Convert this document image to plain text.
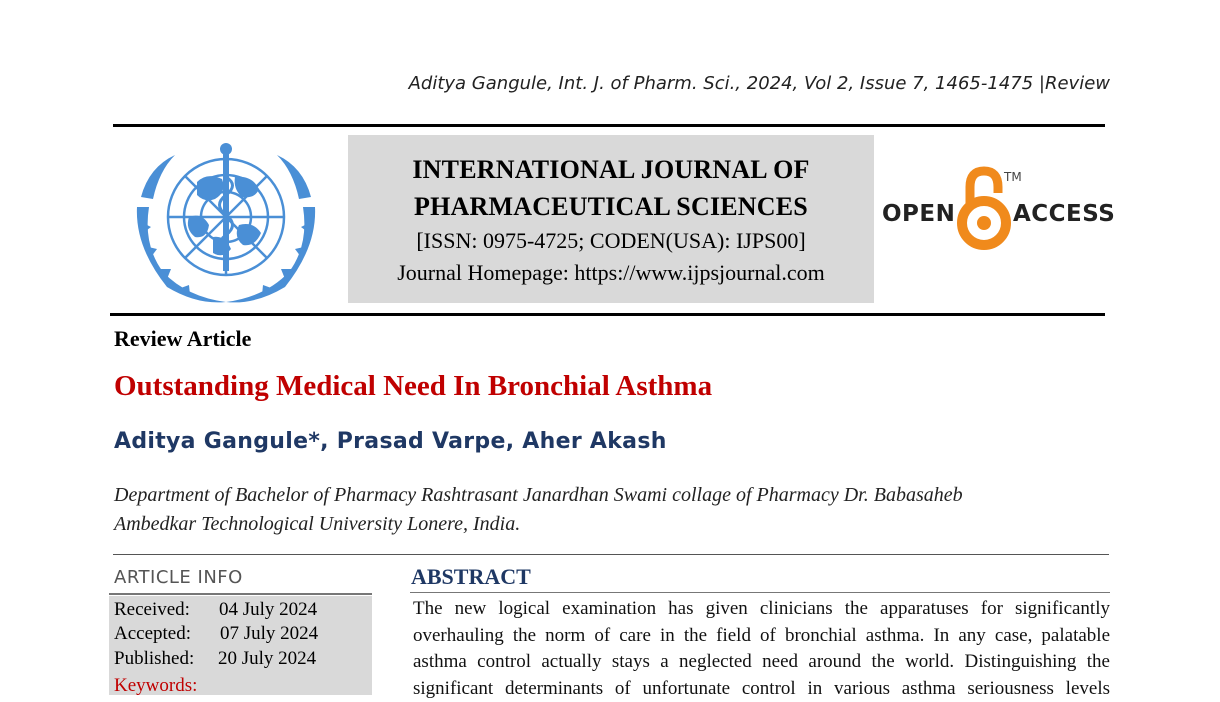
Aditya Gangule, Int. J. of Pharm. Sci., 2024, Vol 2, Issue 7, 1465-1475 |Review
INTERNATIONAL JOURNAL OF
PHARMACEUTICAL SCIENCES
[ISSN: 0975-4725; CODEN(USA): IJPS00]
Journal Homepage: https://www.ijpsjournal.com
OPEN
TM
ACCESS
Review Article
Outstanding Medical Need In Bronchial Asthma
Aditya Gangule*, Prasad Varpe, Aher Akash
Department of Bachelor of Pharmacy Rashtrasant Janardhan Swami collage of Pharmacy Dr. Babasaheb
Ambedkar Technological University Lonere, India.
ARTICLE INFO
Received: 04 July 2024
Accepted: 07 July 2024
Published: 20 July 2024
Keywords:
ABSTRACT
The new logical examination has given clinicians the apparatuses for significantly
overhauling the norm of care in the field of bronchial asthma. In any case, palatable
asthma control actually stays a neglected need around the world. Distinguishing the
significant determinants of unfortunate control in various asthma seriousness levels
